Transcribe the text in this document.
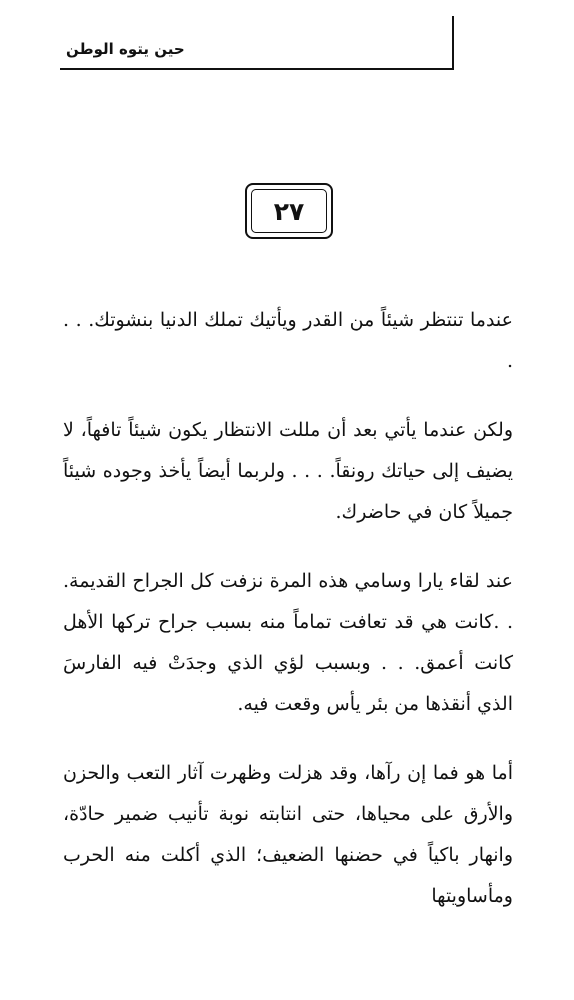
حين يتوه الوطن
٢٧

عندما تنتظر شيئاً من القدر ويأتيك تملك الدنيا بنشوتك. . . .

ولكن عندما يأتي بعد أن مللت الانتظار يكون شيئاً تافهاً، لا يضيف إلى حياتك رونقاً. . . . ولربما أيضاً يأخذ وجوده شيئاً جميلاً كان في حاضرك.

عند لقاء يارا وسامي هذه المرة نزفت كل الجراح القديمة. . .كانت هي قد تعافت تماماً منه بسبب جراح تركها الأهل كانت أعمق. . . وبسبب لؤي الذي وجدَتْ فيه الفارسَ الذي أنقذها من بئر يأس وقعت فيه.

أما هو فما إن رآها، وقد هزلت وظهرت آثار التعب والحزن والأرق على محياها، حتى انتابته نوبة تأنيب ضمير حادّة، وانهار باكياً في حضنها الضعيف؛ الذي أكلت منه الحرب ومأساويتها
